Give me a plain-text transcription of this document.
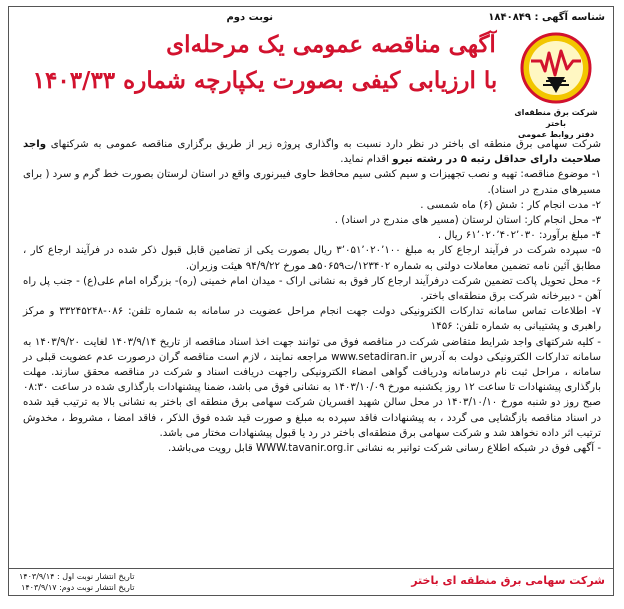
شناسه آگهی : ۱۸۴۰۸۴۹
نوبت دوم
شرکت برق منطقه‌ای باختر
دفتر روابط عمومی
آگهی مناقصه عمومی یک مرحله‌ای
با ارزیابی کیفی بصورت یکپارچه شماره ۱۴۰۳/۳۳

شرکت سهامی برق منطقه ای باختر در نظر دارد نسبت به واگذاری پروژه زیر از طریق برگزاری مناقصه عمومی به شرکتهای واجد صلاحیت دارای حداقل رتبه ۵ در رشته نیرو اقدام نماید.

۱- موضوع مناقصه: تهیه و نصب تجهیزات و سیم کشی سیم محافظ حاوی فیبرنوری واقع در استان لرستان بصورت خط گرم و سرد ( برای مسیرهای مندرج در اسناد).

۲- مدت انجام کار : شش (۶) ماه شمسی .

۳- محل انجام کار: استان لرستان (مسیر های مندرج در اسناد) .

۴- مبلغ برآورد: ۶۱٬۰۲۰٬۴۰۲٬۰۳۰ ریال .

۵- سپرده شرکت در فرآیند ارجاع کار به مبلغ ۳٬۰۵۱٬۰۲۰٬۱۰۰ ریال بصورت یکی از تضامین قابل قبول ذکر شده در فرآیند ارجاع کار ، مطابق آئین نامه تضمین معاملات دولتی به شماره ۱۲۳۴۰۲/ت۵۰۶۵۹هـ مورخ ۹۴/۹/۲۲ هیئت وزیران.

۶- محل تحویل پاکت تضمین شرکت درفرآیند ارجاع کار فوق به نشانی اراک - میدان امام خمینی (ره)- بزرگراه امام علی(ع) - جنب پل راه آهن - دبیرخانه شرکت برق منطقه‌ای باختر.

۷- اطلاعات تماس سامانه تدارکات الکترونیکی دولت جهت انجام مراحل عضویت در سامانه به شماره تلفن: ۰۸۶-۳۳۲۴۵۲۴۸ و مرکز راهبری و پشتیبانی به شماره تلفن: ۱۴۵۶

- کلیه شرکتهای واجد شرایط متقاضی شرکت در مناقصه فوق می توانند جهت اخذ اسناد مناقصه از تاریخ ۱۴۰۳/۹/۱۴ لغایت ۱۴۰۳/۹/۲۰ به سامانه تدارکات الکترونیکی دولت به آدرس www.setadiran.ir مراجعه نمایند ، لازم است مناقصه گران درصورت عدم عضویت قبلی در سامانه ، مراحل ثبت نام درسامانه ودریافت گواهی امضاء الکترونیکی راجهت دریافت اسناد و شرکت در مناقصه محقق سازند. مهلت بارگذاری پیشنهادات تا ساعت ۱۲ روز یکشنبه مورخ ۱۴۰۳/۱۰/۰۹ به نشانی فوق می باشد، ضمنا پیشنهادات بارگذاری شده در ساعت ۰۸:۳۰ صبح روز دو شنبه مورخ ۱۴۰۳/۱۰/۱۰ در محل سالن شهید افسریان شرکت سهامی برق منطقه ای باختر به نشانی بالا به ترتیب قید شده در اسناد مناقصه بازگشایی می گردد ، به پیشنهادات فاقد سپرده به مبلغ و صورت قید شده فوق الذکر ، فاقد امضا ، مشروط ، مخدوش ترتیب اثر داده نخواهد شد و شرکت سهامی برق منطقه‌ای باختر در رد یا قبول پیشنهادات مختار می باشد.

- آگهی فوق در شبکه اطلاع رسانی شرکت توانیر به نشانی WWW.tavanir.org.ir قابل رویت می‌باشد.

شرکت سهامی برق منطقه ای باختر
تاریخ انتشار نوبت اول : ۱۴۰۳/۹/۱۴
تاریخ انتشار نوبت دوم: ۱۴۰۳/۹/۱۷
